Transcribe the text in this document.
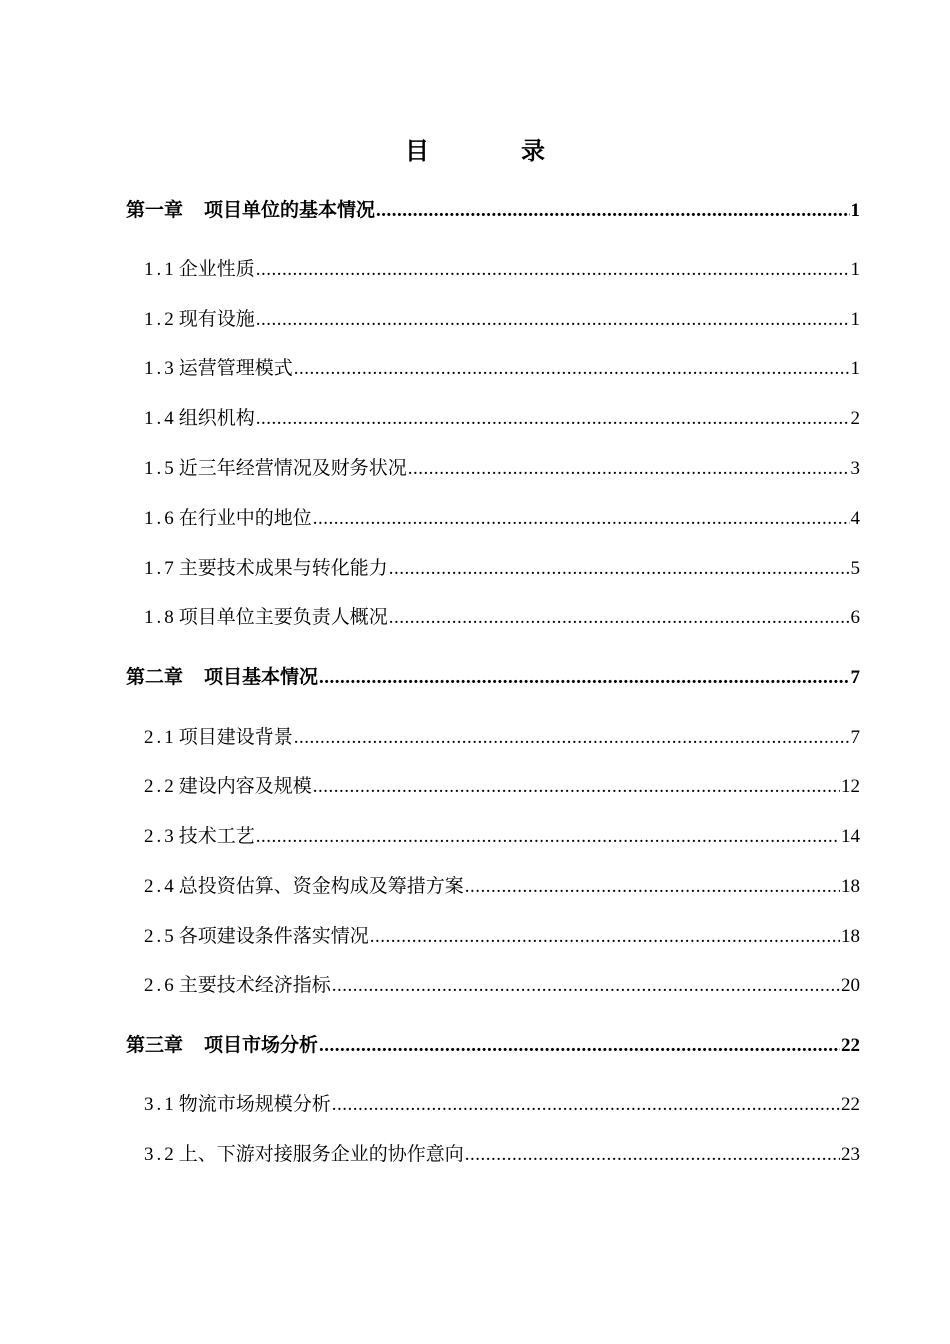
目　录
第一章 项目单位的基本情况 .....	1
1.1 企业性质 .....	1
1.2 现有设施 .....	1
1.3 运营管理模式 .....	1
1.4 组织机构 .....	2
1.5 近三年经营情况及财务状况 .....	3
1.6 在行业中的地位 .....	4
1.7 主要技术成果与转化能力 .....	5
1.8 项目单位主要负责人概况 .....	6
第二章 项目基本情况 .....	7
2.1 项目建设背景 .....	7
2.2 建设内容及规模 .....	12
2.3 技术工艺 .....	14
2.4 总投资估算、资金构成及筹措方案 .....	18
2.5 各项建设条件落实情况 .....	18
2.6 主要技术经济指标 .....	20
第三章 项目市场分析 .....	22
3.1 物流市场规模分析 .....	22
3.2 上、下游对接服务企业的协作意向 .....	23
